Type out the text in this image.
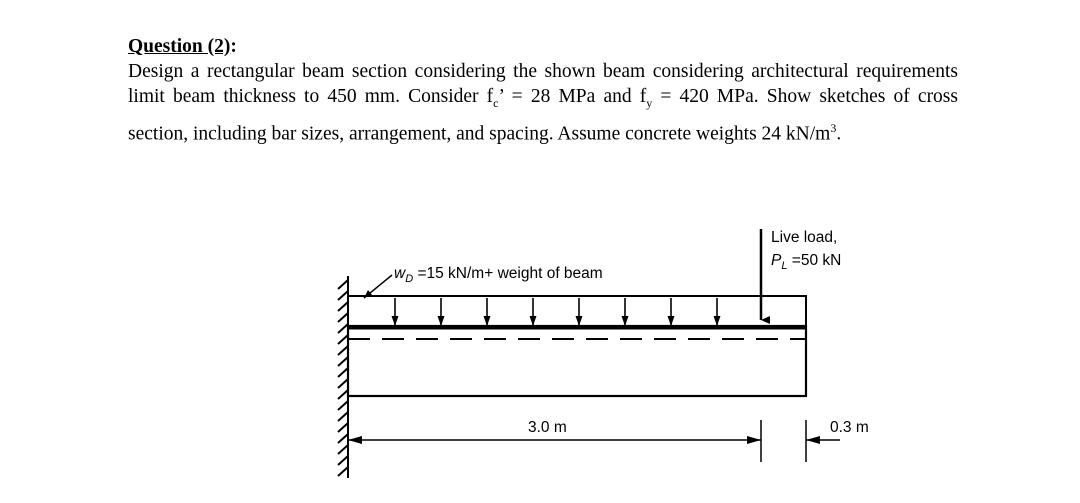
Question (2):

Design a rectangular beam section considering the shown beam considering architectural requirements limit beam thickness to 450 mm. Consider $f_c$’ = 28 MPa and $f_y = 420$ MPa. Show sketches of cross section, including bar sizes, arrangement, and spacing. Assume concrete weights 24 $kN/m^3$.

$w_D =15$ kN/m+ weight of beam
Live load,
$P_L =50$ kN
3.0 m	0.3 m
